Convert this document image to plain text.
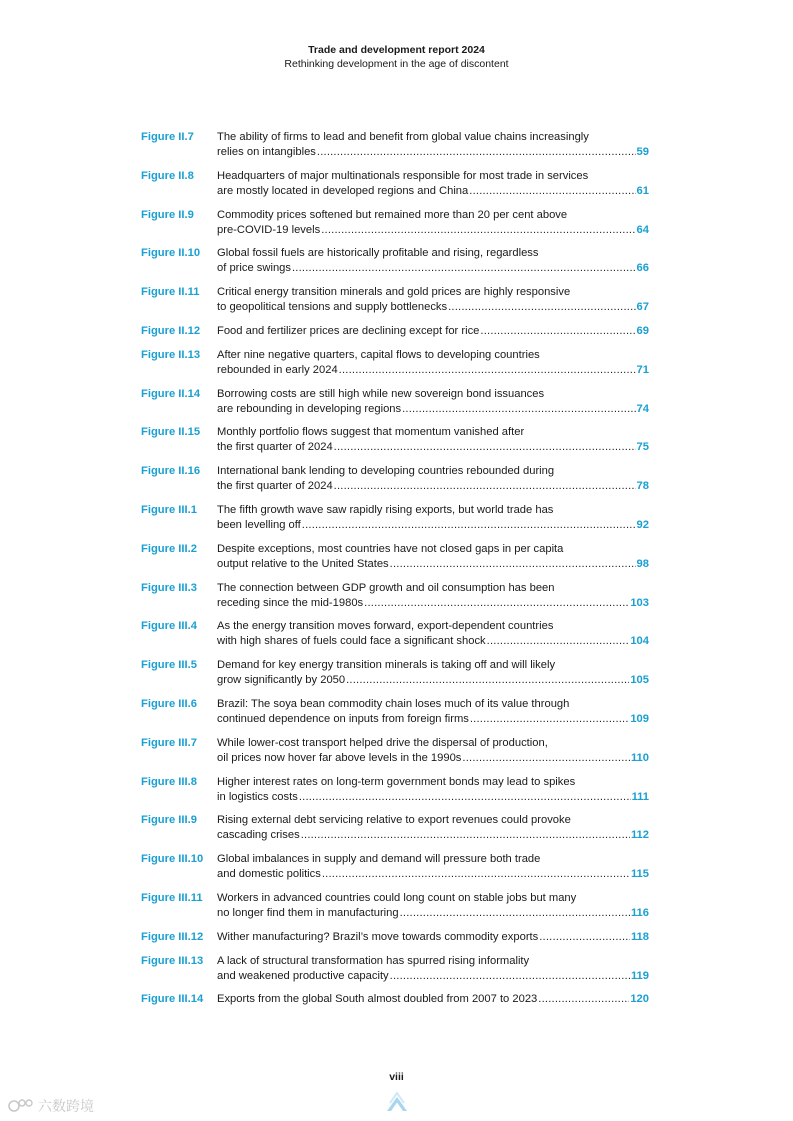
Trade and development report 2024
Rethinking development in the age of discontent
Figure II.7	The ability of firms to lead and benefit from global value chains increasingly
relies on intangibles .....	59
Figure II.8	Headquarters of major multinationals responsible for most trade in services
are mostly located in developed regions and China .....	61
Figure II.9	Commodity prices softened but remained more than 20 per cent above
pre-COVID-19 levels .....	64
Figure II.10	Global fossil fuels are historically profitable and rising, regardless
of price swings .....	66
Figure II.11	Critical energy transition minerals and gold prices are highly responsive
to geopolitical tensions and supply bottlenecks .....	67
Figure II.12	Food and fertilizer prices are declining except for rice .....	69
Figure II.13	After nine negative quarters, capital flows to developing countries
rebounded in early 2024 .....	71
Figure II.14	Borrowing costs are still high while new sovereign bond issuances
are rebounding in developing regions .....	74
Figure II.15	Monthly portfolio flows suggest that momentum vanished after
the first quarter of 2024 .....	75
Figure II.16	International bank lending to developing countries rebounded during
the first quarter of 2024 .....	78
Figure III.1	The fifth growth wave saw rapidly rising exports, but world trade has
been levelling off .....	92
Figure III.2	Despite exceptions, most countries have not closed gaps in per capita
output relative to the United States .....	98
Figure III.3	The connection between GDP growth and oil consumption has been
receding since the mid-1980s .....	103
Figure III.4	As the energy transition moves forward, export-dependent countries
with high shares of fuels could face a significant shock .....	104
Figure III.5	Demand for key energy transition minerals is taking off and will likely
grow significantly by 2050 .....	105
Figure III.6	Brazil: The soya bean commodity chain loses much of its value through
continued dependence on inputs from foreign firms .....	109
Figure III.7	While lower-cost transport helped drive the dispersal of production,
oil prices now hover far above levels in the 1990s .....	110
Figure III.8	Higher interest rates on long-term government bonds may lead to spikes
in logistics costs .....	111
Figure III.9	Rising external debt servicing relative to export revenues could provoke
cascading crises .....	112
Figure III.10	Global imbalances in supply and demand will pressure both trade
and domestic politics .....	115
Figure III.11	Workers in advanced countries could long count on stable jobs but many
no longer find them in manufacturing .....	116
Figure III.12	Wither manufacturing? Brazil’s move towards commodity exports .....	118
Figure III.13	A lack of structural transformation has spurred rising informality
and weakened productive capacity .....	119
Figure III.14	Exports from the global South almost doubled from 2007 to 2023 .....	120
viii
六数跨境
